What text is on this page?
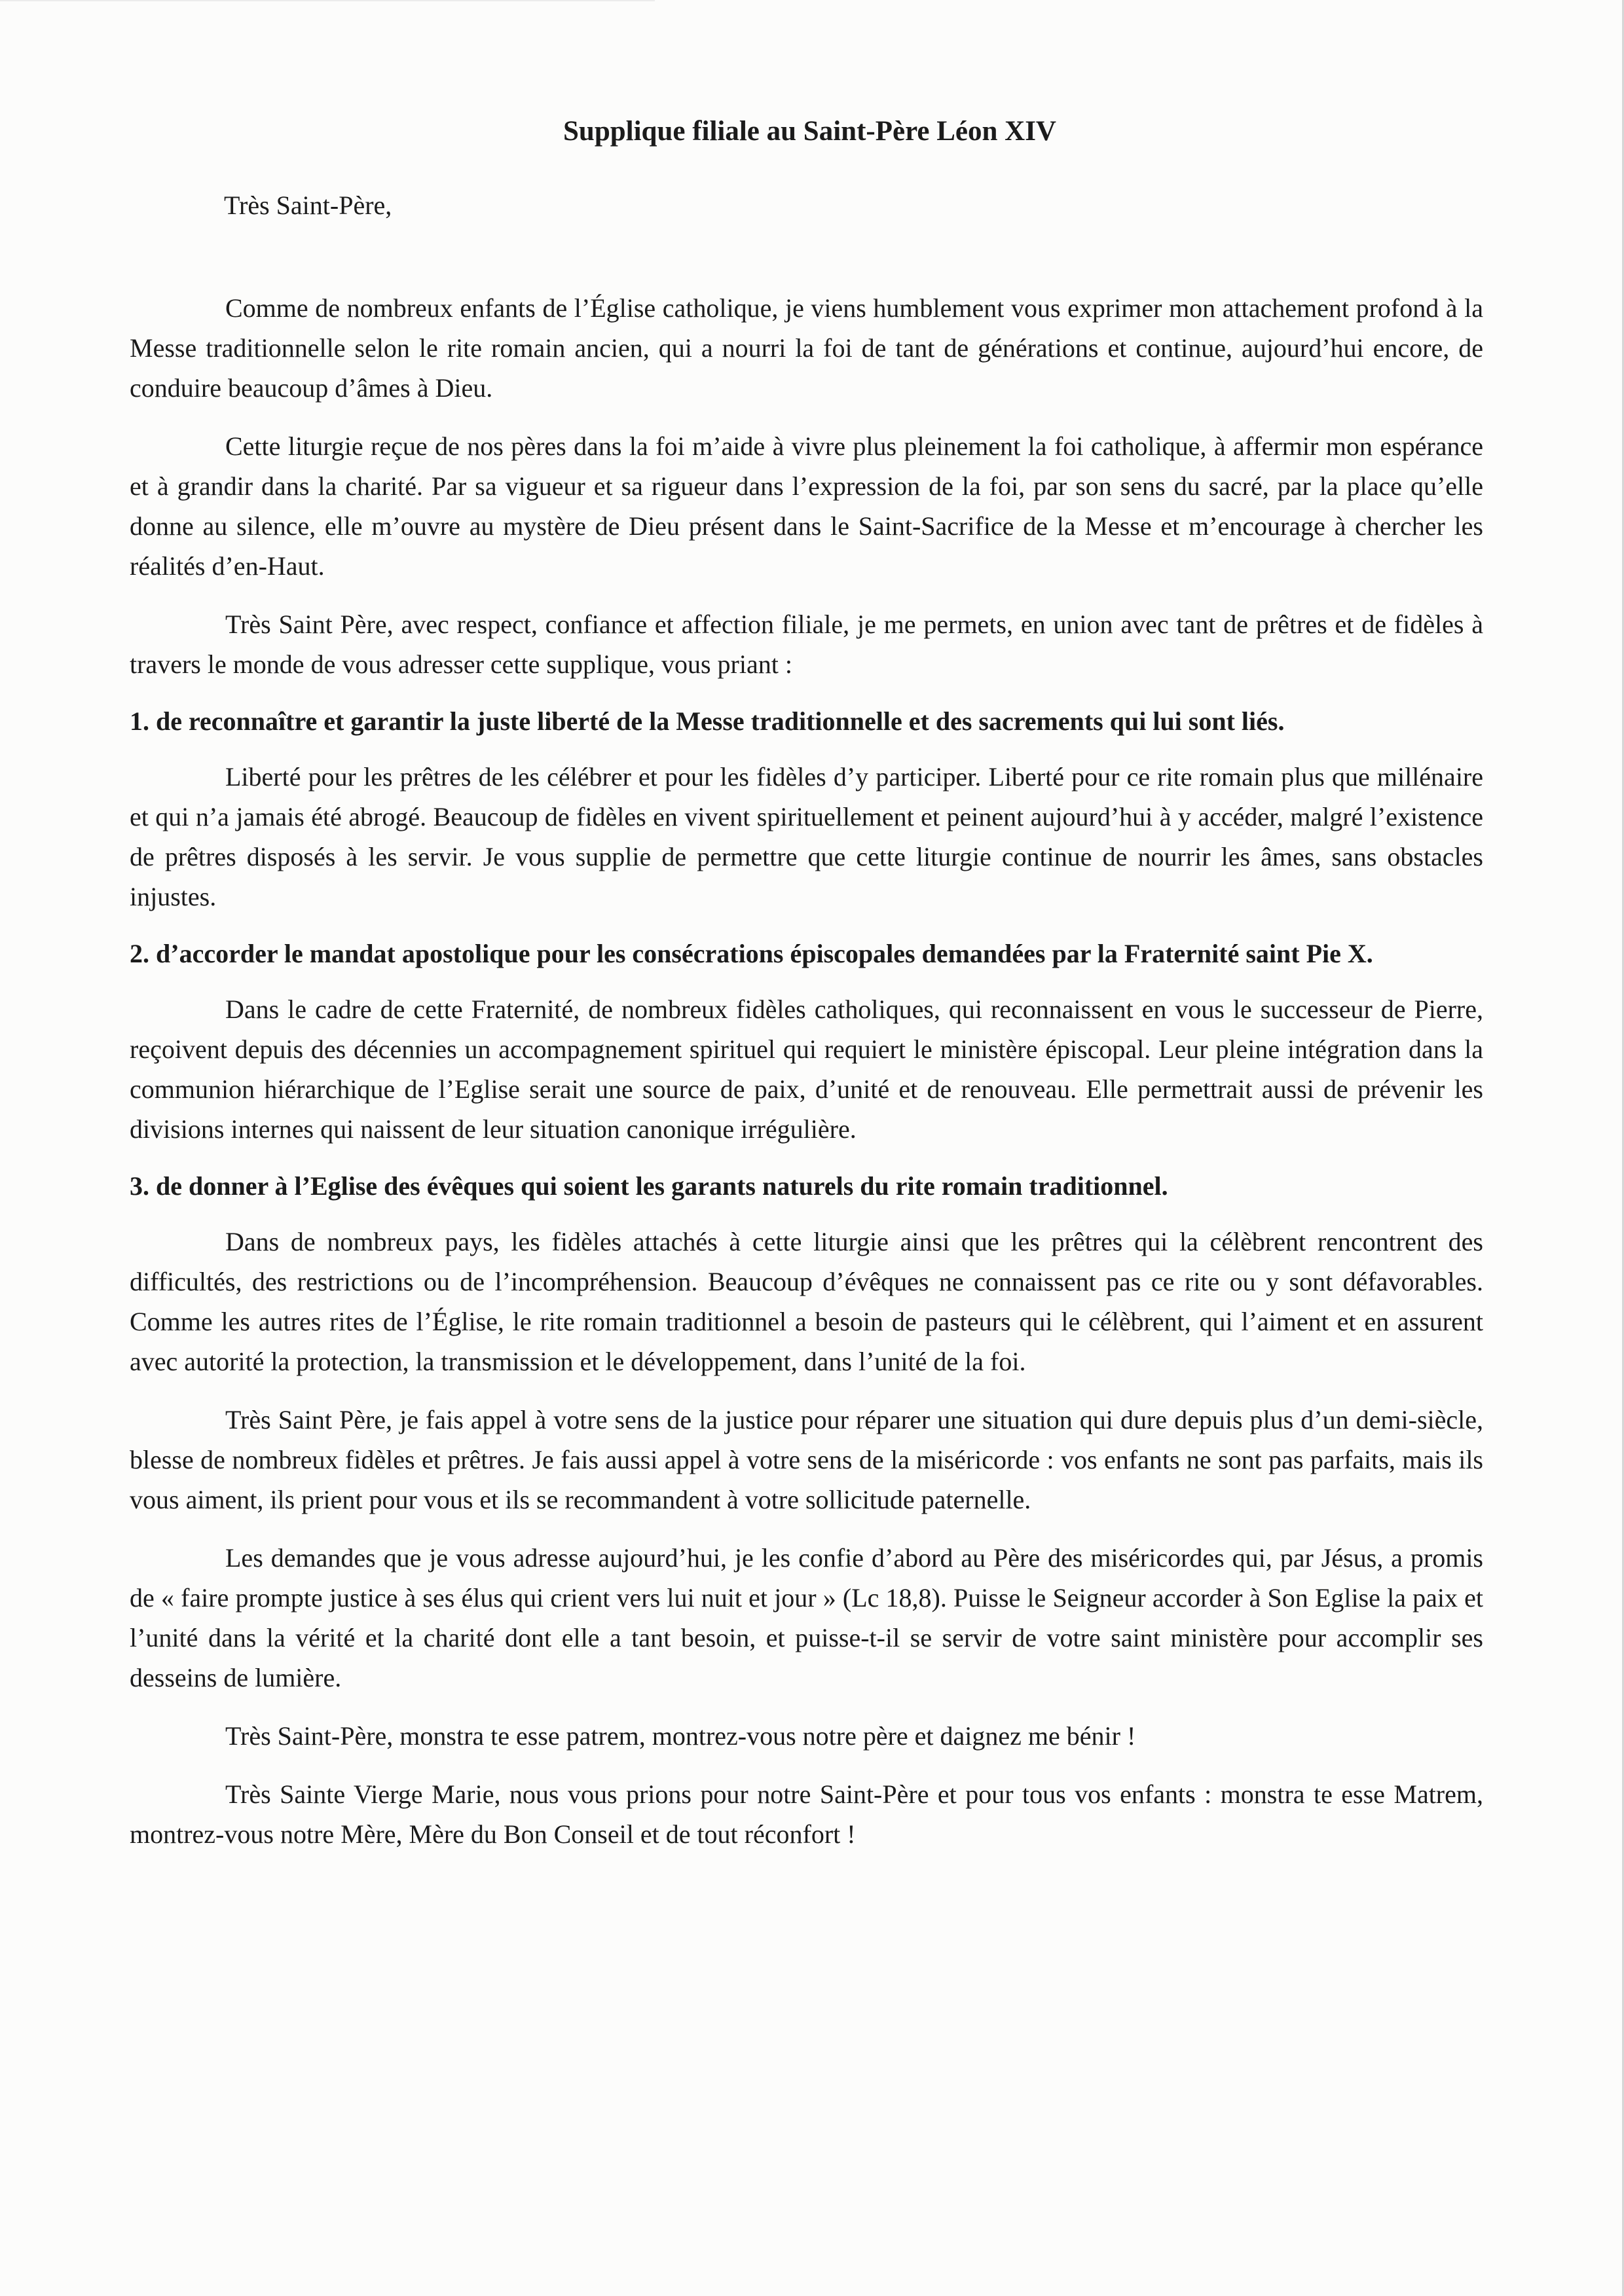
Supplique filiale au Saint-Père Léon XIV

Très Saint-Père,

Comme de nombreux enfants de l’Église catholique, je viens humblement vous exprimer mon attachement profond à la Messe traditionnelle selon le rite romain ancien, qui a nourri la foi de tant de générations et continue, aujourd’hui encore, de conduire beaucoup d’âmes à Dieu.

Cette liturgie reçue de nos pères dans la foi m’aide à vivre plus pleinement la foi catholique, à affermir mon espérance et à grandir dans la charité. Par sa vigueur et sa rigueur dans l’expression de la foi, par son sens du sacré, par la place qu’elle donne au silence, elle m’ouvre au mystère de Dieu présent dans le Saint-Sacrifice de la Messe et m’encourage à chercher les réalités d’en-Haut.

Très Saint Père, avec respect, confiance et affection filiale, je me permets, en union avec tant de prêtres et de fidèles à travers le monde de vous adresser cette supplique, vous priant :

1. de reconnaître et garantir la juste liberté de la Messe traditionnelle et des sacrements qui lui sont liés.

Liberté pour les prêtres de les célébrer et pour les fidèles d’y participer. Liberté pour ce rite romain plus que millénaire et qui n’a jamais été abrogé. Beaucoup de fidèles en vivent spirituellement et peinent aujourd’hui à y accéder, malgré l’existence de prêtres disposés à les servir. Je vous supplie de permettre que cette liturgie continue de nourrir les âmes, sans obstacles injustes.

2. d’accorder le mandat apostolique pour les consécrations épiscopales demandées par la Fraternité saint Pie X.

Dans le cadre de cette Fraternité, de nombreux fidèles catholiques, qui reconnaissent en vous le successeur de Pierre, reçoivent depuis des décennies un accompagnement spirituel qui requiert le ministère épiscopal. Leur pleine intégration dans la communion hiérarchique de l’Eglise serait une source de paix, d’unité et de renouveau. Elle permettrait aussi de prévenir les divisions internes qui naissent de leur situation canonique irrégulière.

3. de donner à l’Eglise des évêques qui soient les garants naturels du rite romain traditionnel.

Dans de nombreux pays, les fidèles attachés à cette liturgie ainsi que les prêtres qui la célèbrent rencontrent des difficultés, des restrictions ou de l’incompréhension. Beaucoup d’évêques ne connaissent pas ce rite ou y sont défavorables. Comme les autres rites de l’Église, le rite romain traditionnel a besoin de pasteurs qui le célèbrent, qui l’aiment et en assurent avec autorité la protection, la transmission et le développement, dans l’unité de la foi.

Très Saint Père, je fais appel à votre sens de la justice pour réparer une situation qui dure depuis plus d’un demi-siècle, blesse de nombreux fidèles et prêtres. Je fais aussi appel à votre sens de la miséricorde : vos enfants ne sont pas parfaits, mais ils vous aiment, ils prient pour vous et ils se recommandent à votre sollicitude paternelle.

Les demandes que je vous adresse aujourd’hui, je les confie d’abord au Père des miséricordes qui, par Jésus, a promis de « faire prompte justice à ses élus qui crient vers lui nuit et jour » (Lc 18,8). Puisse le Seigneur accorder à Son Eglise la paix et l’unité dans la vérité et la charité dont elle a tant besoin, et puisse-t-il se servir de votre saint ministère pour accomplir ses desseins de lumière.

Très Saint-Père, monstra te esse patrem, montrez-vous notre père et daignez me bénir !

Très Sainte Vierge Marie, nous vous prions pour notre Saint-Père et pour tous vos enfants : monstra te esse Matrem, montrez-vous notre Mère, Mère du Bon Conseil et de tout réconfort !
